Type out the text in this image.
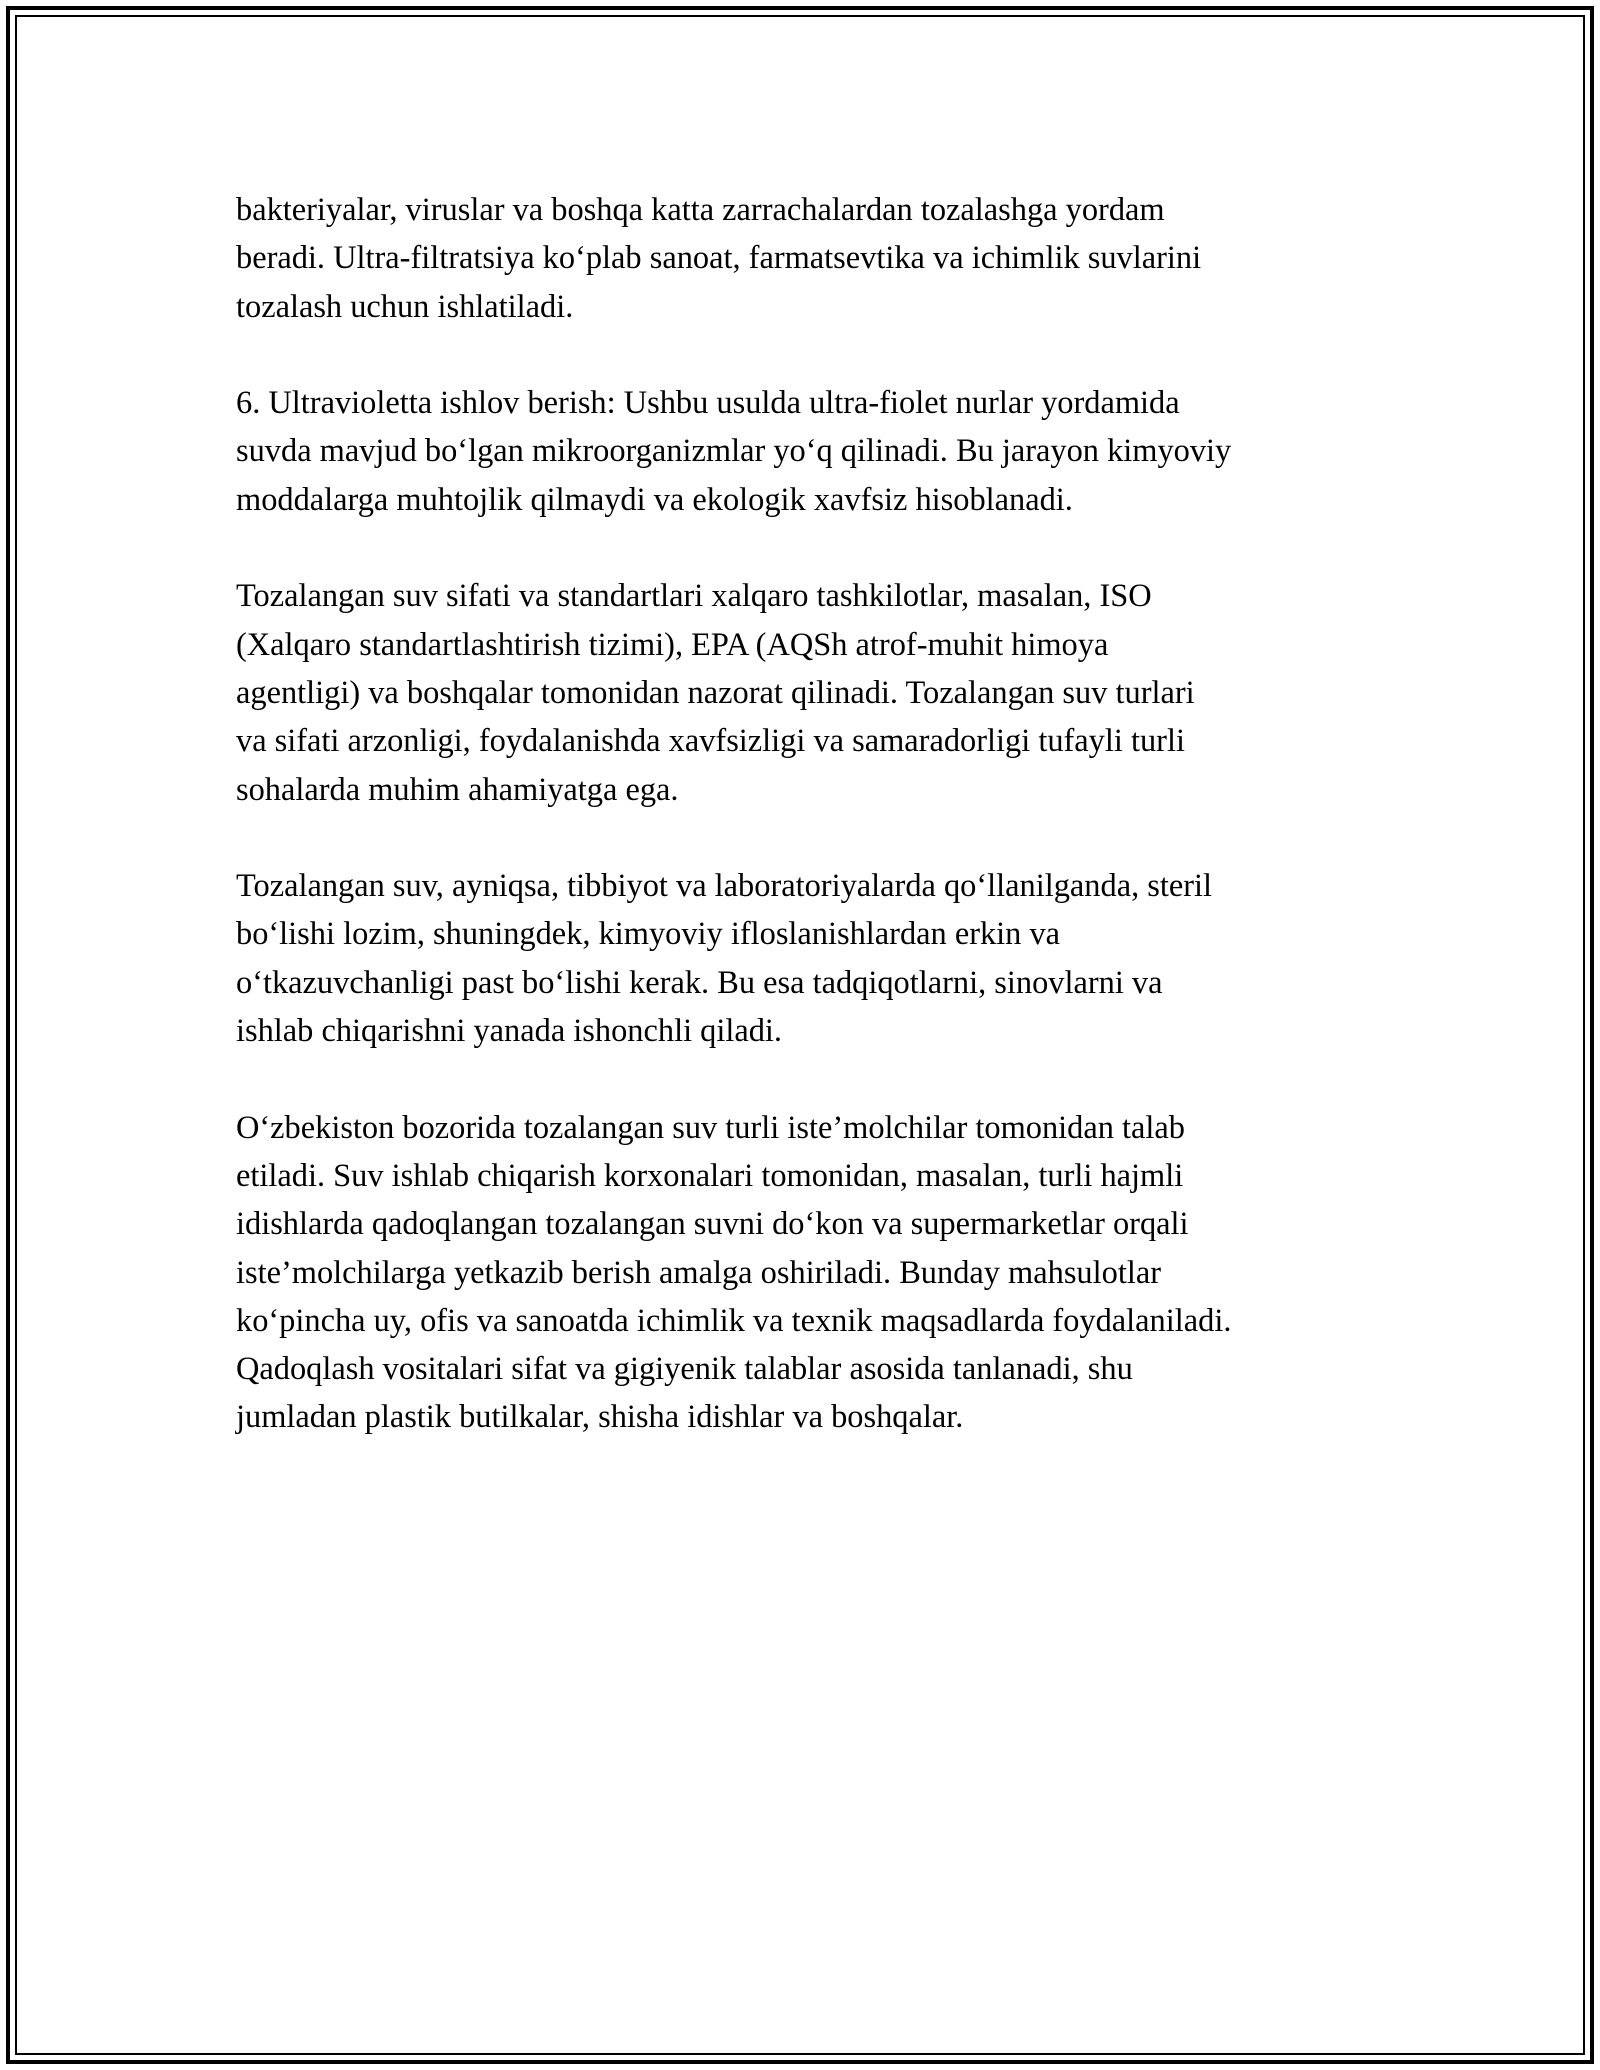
bakteriyalar, viruslar va boshqa katta zarrachalardan tozalashga yordam
beradi. Ultra-filtratsiya ko‘plab sanoat, farmatsevtika va ichimlik suvlarini
tozalash uchun ishlatiladi.
6. Ultravioletta ishlov berish: Ushbu usulda ultra-fiolet nurlar yordamida
suvda mavjud bo‘lgan mikroorganizmlar yo‘q qilinadi. Bu jarayon kimyoviy
moddalarga muhtojlik qilmaydi va ekologik xavfsiz hisoblanadi.
Tozalangan suv sifati va standartlari xalqaro tashkilotlar, masalan, ISO
(Xalqaro standartlashtirish tizimi), EPA (AQSh atrof-muhit himoya
agentligi) va boshqalar tomonidan nazorat qilinadi. Tozalangan suv turlari
va sifati arzonligi, foydalanishda xavfsizligi va samaradorligi tufayli turli
sohalarda muhim ahamiyatga ega.
Tozalangan suv, ayniqsa, tibbiyot va laboratoriyalarda qo‘llanilganda, steril
bo‘lishi lozim, shuningdek, kimyoviy ifloslanishlardan erkin va
o‘tkazuvchanligi past bo‘lishi kerak. Bu esa tadqiqotlarni, sinovlarni va
ishlab chiqarishni yanada ishonchli qiladi.
O‘zbekiston bozorida tozalangan suv turli iste’molchilar tomonidan talab
etiladi. Suv ishlab chiqarish korxonalari tomonidan, masalan, turli hajmli
idishlarda qadoqlangan tozalangan suvni do‘kon va supermarketlar orqali
iste’molchilarga yetkazib berish amalga oshiriladi. Bunday mahsulotlar
ko‘pincha uy, ofis va sanoatda ichimlik va texnik maqsadlarda foydalaniladi.
Qadoqlash vositalari sifat va gigiyenik talablar asosida tanlanadi, shu
jumladan plastik butilkalar, shisha idishlar va boshqalar.
